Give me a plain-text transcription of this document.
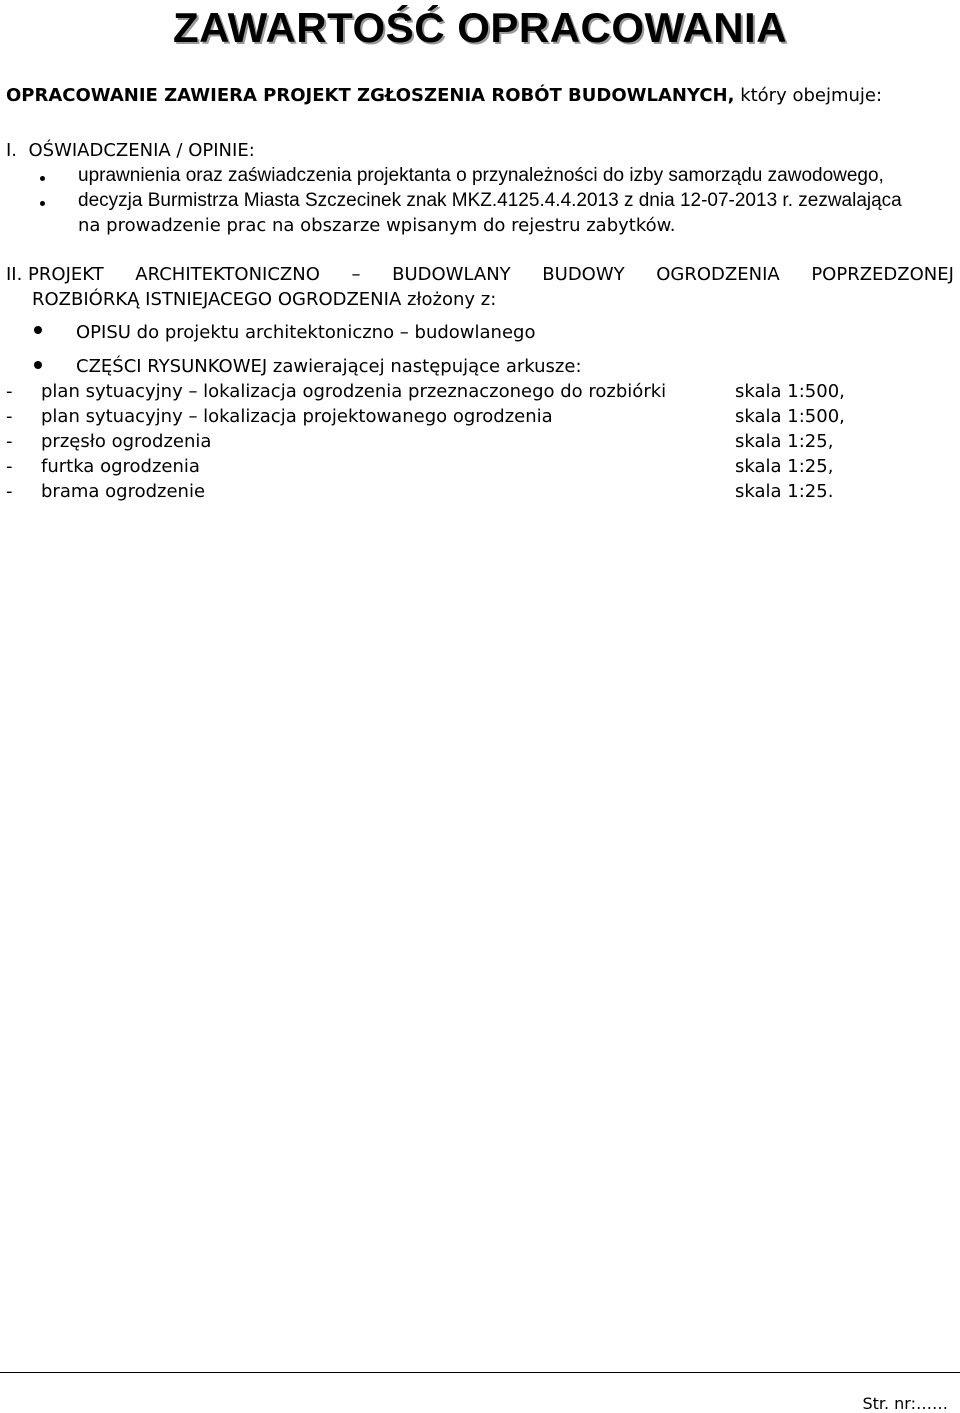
ZAWARTOŚĆ OPRACOWANIA
OPRACOWANIE ZAWIERA PROJEKT ZGŁOSZENIA ROBÓT BUDOWLANYCH, który obejmuje:
I.  OŚWIADCZENIA / OPINIE:
uprawnienia oraz zaświadczenia projektanta o przynależności do izby samorządu zawodowego,
decyzja Burmistrza Miasta Szczecinek znak MKZ.4125.4.4.2013 z dnia 12-07-2013 r. zezwalająca
na prowadzenie prac na obszarze wpisanym do rejestru zabytków.
II. PROJEKT ARCHITEKTONICZNO – BUDOWLANY BUDOWY OGRODZENIA POPRZEDZONEJ
ROZBIÓRKĄ ISTNIEJACEGO OGRODZENIA złożony z:
OPISU do projektu architektoniczno – budowlanego
CZĘŚCI RYSUNKOWEJ zawierającej następujące arkusze:
- plan sytuacyjny – lokalizacja ogrodzenia przeznaczonego do rozbiórki	skala 1:500,
- plan sytuacyjny – lokalizacja projektowanego ogrodzenia	skala 1:500,
- przęsło ogrodzenia	skala 1:25,
- furtka ogrodzenia	skala 1:25,
- brama ogrodzenie	skala 1:25.
Str. nr:……
